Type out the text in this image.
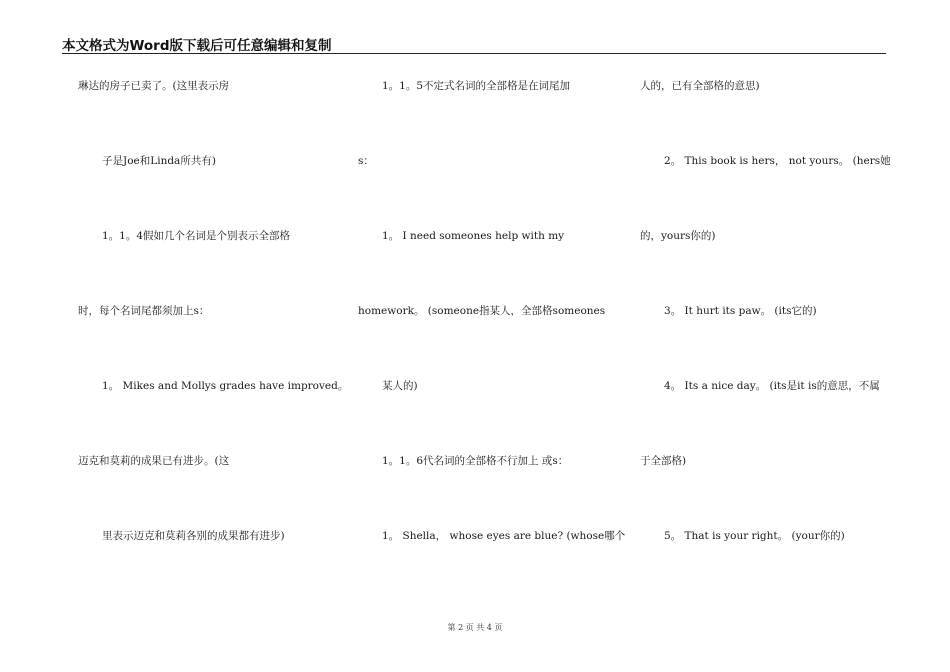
本文格式为Word版下载后可任意编辑和复制
琳达的房子已卖了。(这里表示房
子是Joe和Linda所共有)
1。1。4假如几个名词是个别表示全部格
时，每个名词尾都须加上s：
1。 Mikes and Mollys grades have improved。
迈克和莫莉的成果已有进步。(这
里表示迈克和莫莉各别的成果都有进步)
1。1。5不定式名词的全部格是在词尾加
s：
1。 I need someones help with my
homework。 (someone指某人，全部格someones
某人的)
1。1。6代名词的全部格不行加上 或s：
1。 Shella， whose eyes are blue? (whose哪个
人的，已有全部格的意思)
2。 This book is hers， not yours。 (hers她
的，yours你的)
3。 It hurt its paw。 (its它的)
4。 Its a nice day。 (its是it is的意思，不属
于全部格)
5。 That is your right。 (your你的)
第 2 页 共 4 页
